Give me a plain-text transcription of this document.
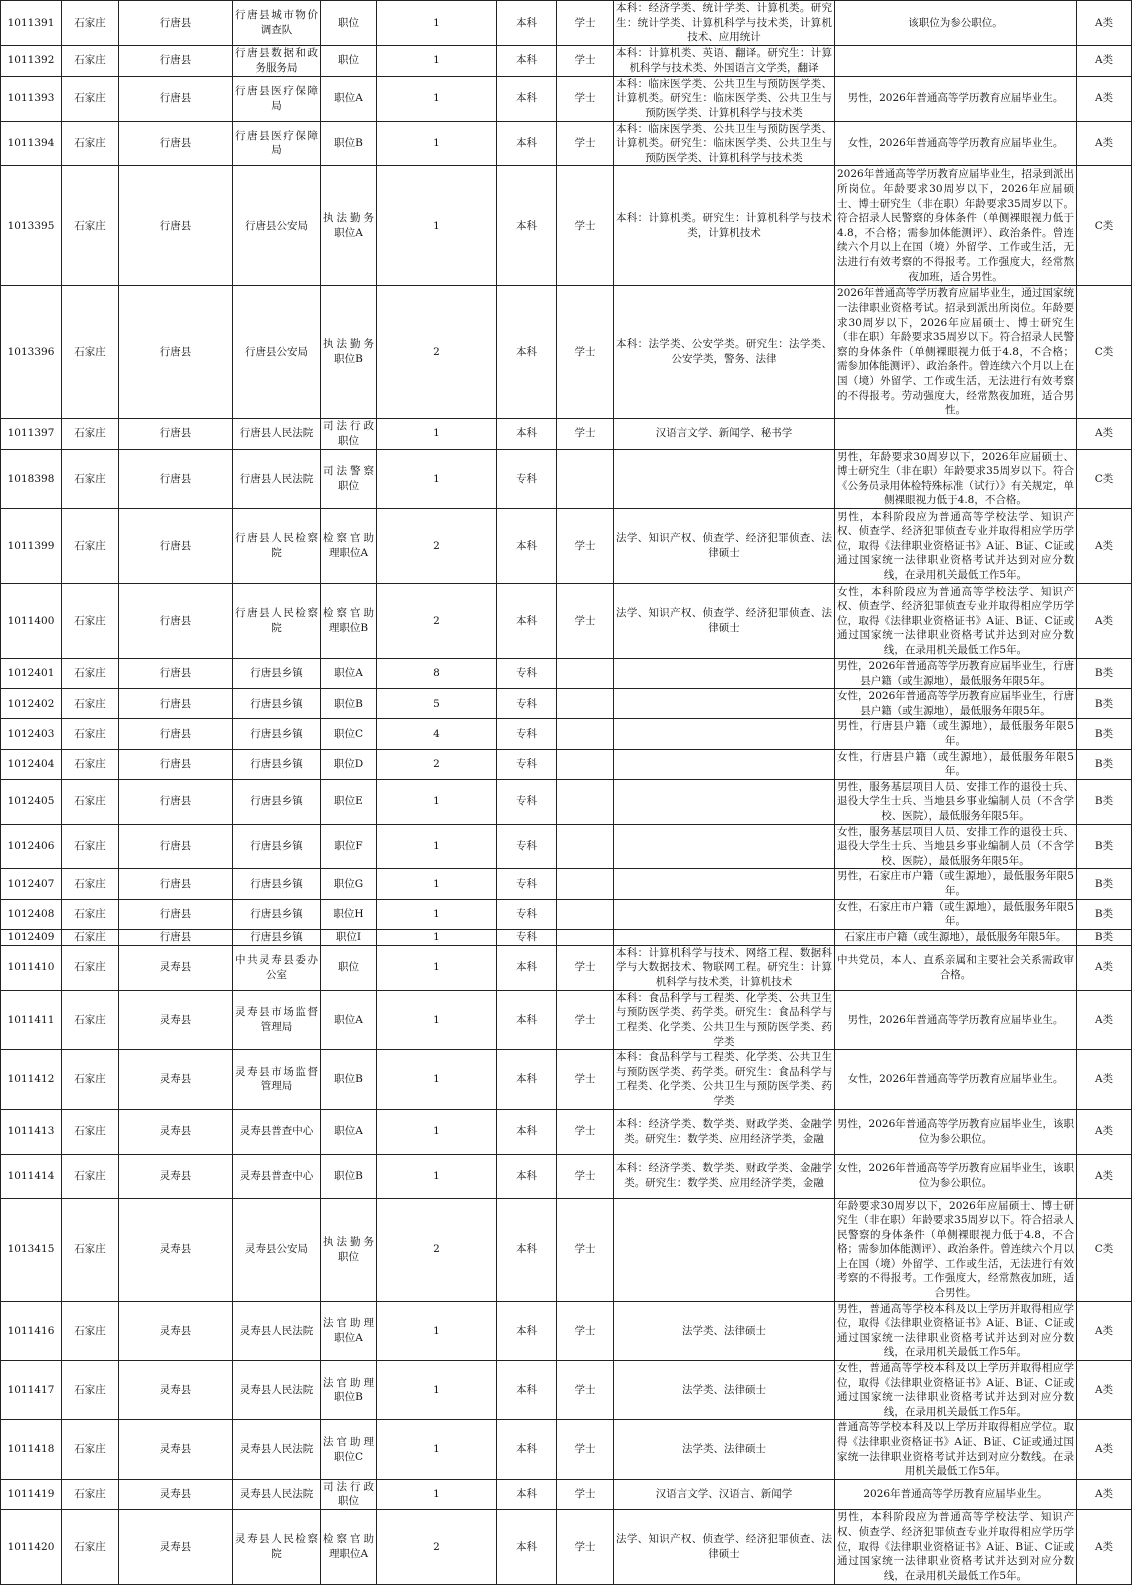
1011391	石家庄	行唐县	行唐县城市物价调查队	职位	1	本科	学士	本科：经济学类、统计学类、计算机类。研究生：统计学类、计算机科学与技术类，计算机技术、应用统计	该职位为参公职位。	A类
1011392	石家庄	行唐县	行唐县数据和政务服务局	职位	1	本科	学士	本科：计算机类、英语、翻译。研究生：计算机科学与技术类、外国语言文学类，翻译		A类
1011393	石家庄	行唐县	行唐县医疗保障局	职位A	1	本科	学士	本科：临床医学类、公共卫生与预防医学类、计算机类。研究生：临床医学类、公共卫生与预防医学类、计算机科学与技术类	男性，2026年普通高等学历教育应届毕业生。	A类
1011394	石家庄	行唐县	行唐县医疗保障局	职位B	1	本科	学士	本科：临床医学类、公共卫生与预防医学类、计算机类。研究生：临床医学类、公共卫生与预防医学类、计算机科学与技术类	女性，2026年普通高等学历教育应届毕业生。	A类
1013395	石家庄	行唐县	行唐县公安局	执法勤务职位A	1	本科	学士	本科：计算机类。研究生：计算机科学与技术类，计算机技术	2026年普通高等学历教育应届毕业生，招录到派出所岗位。年龄要求30周岁以下，2026年应届硕士、博士研究生（非在职）年龄要求35周岁以下。符合招录人民警察的身体条件（单侧裸眼视力低于4.8，不合格；需参加体能测评）、政治条件。曾连续六个月以上在国（境）外留学、工作或生活，无法进行有效考察的不得报考。工作强度大，经常熬夜加班，适合男性。	C类
1013396	石家庄	行唐县	行唐县公安局	执法勤务职位B	2	本科	学士	本科：法学类、公安学类。研究生：法学类、公安学类，警务、法律	2026年普通高等学历教育应届毕业生，通过国家统一法律职业资格考试。招录到派出所岗位。年龄要求30周岁以下，2026年应届硕士、博士研究生（非在职）年龄要求35周岁以下。符合招录人民警察的身体条件（单侧裸眼视力低于4.8，不合格；需参加体能测评）、政治条件。曾连续六个月以上在国（境）外留学、工作或生活，无法进行有效考察的不得报考。劳动强度大，经常熬夜加班，适合男性。	C类
1011397	石家庄	行唐县	行唐县人民法院	司法行政职位	1	本科	学士	汉语言文学、新闻学、秘书学		A类
1018398	石家庄	行唐县	行唐县人民法院	司法警察职位	1	专科			男性，年龄要求30周岁以下，2026年应届硕士、博士研究生（非在职）年龄要求35周岁以下。符合《公务员录用体检特殊标准（试行）》有关规定，单侧裸眼视力低于4.8，不合格。	C类
1011399	石家庄	行唐县	行唐县人民检察院	检察官助理职位A	2	本科	学士	法学、知识产权、侦查学、经济犯罪侦查、法律硕士	男性，本科阶段应为普通高等学校法学、知识产权、侦查学、经济犯罪侦查专业并取得相应学历学位，取得《法律职业资格证书》A证、B证、C证或通过国家统一法律职业资格考试并达到对应分数线，在录用机关最低工作5年。	A类
1011400	石家庄	行唐县	行唐县人民检察院	检察官助理职位B	2	本科	学士	法学、知识产权、侦查学、经济犯罪侦查、法律硕士	女性，本科阶段应为普通高等学校法学、知识产权、侦查学、经济犯罪侦查专业并取得相应学历学位，取得《法律职业资格证书》A证、B证、C证或通过国家统一法律职业资格考试并达到对应分数线，在录用机关最低工作5年。	A类
1012401	石家庄	行唐县	行唐县乡镇	职位A	8	专科			男性，2026年普通高等学历教育应届毕业生，行唐县户籍（或生源地），最低服务年限5年。	B类
1012402	石家庄	行唐县	行唐县乡镇	职位B	5	专科			女性，2026年普通高等学历教育应届毕业生，行唐县户籍（或生源地），最低服务年限5年。	B类
1012403	石家庄	行唐县	行唐县乡镇	职位C	4	专科			男性，行唐县户籍（或生源地），最低服务年限5年。	B类
1012404	石家庄	行唐县	行唐县乡镇	职位D	2	专科			女性，行唐县户籍（或生源地），最低服务年限5年。	B类
1012405	石家庄	行唐县	行唐县乡镇	职位E	1	专科			男性，服务基层项目人员、安排工作的退役士兵、退役大学生士兵、当地县乡事业编制人员（不含学校、医院），最低服务年限5年。	B类
1012406	石家庄	行唐县	行唐县乡镇	职位F	1	专科			女性，服务基层项目人员、安排工作的退役士兵、退役大学生士兵、当地县乡事业编制人员（不含学校、医院），最低服务年限5年。	B类
1012407	石家庄	行唐县	行唐县乡镇	职位G	1	专科			男性，石家庄市户籍（或生源地），最低服务年限5年。	B类
1012408	石家庄	行唐县	行唐县乡镇	职位H	1	专科			女性，石家庄市户籍（或生源地），最低服务年限5年。	B类
1012409	石家庄	行唐县	行唐县乡镇	职位I	1	专科			石家庄市户籍（或生源地），最低服务年限5年。	B类
1011410	石家庄	灵寿县	中共灵寿县委办公室	职位	1	本科	学士	本科：计算机科学与技术、网络工程、数据科学与大数据技术、物联网工程。研究生：计算机科学与技术类，计算机技术	中共党员，本人、直系亲属和主要社会关系需政审合格。	A类
1011411	石家庄	灵寿县	灵寿县市场监督管理局	职位A	1	本科	学士	本科：食品科学与工程类、化学类、公共卫生与预防医学类、药学类。研究生：食品科学与工程类、化学类、公共卫生与预防医学类、药学类	男性，2026年普通高等学历教育应届毕业生。	A类
1011412	石家庄	灵寿县	灵寿县市场监督管理局	职位B	1	本科	学士	本科：食品科学与工程类、化学类、公共卫生与预防医学类、药学类。研究生：食品科学与工程类、化学类、公共卫生与预防医学类、药学类	女性，2026年普通高等学历教育应届毕业生。	A类
1011413	石家庄	灵寿县	灵寿县普查中心	职位A	1	本科	学士	本科：经济学类、数学类、财政学类、金融学类。研究生：数学类、应用经济学类，金融	男性，2026年普通高等学历教育应届毕业生，该职位为参公职位。	A类
1011414	石家庄	灵寿县	灵寿县普查中心	职位B	1	本科	学士	本科：经济学类、数学类、财政学类、金融学类。研究生：数学类、应用经济学类，金融	女性，2026年普通高等学历教育应届毕业生，该职位为参公职位。	A类
1013415	石家庄	灵寿县	灵寿县公安局	执法勤务职位	2	本科	学士		年龄要求30周岁以下，2026年应届硕士、博士研究生（非在职）年龄要求35周岁以下。符合招录人民警察的身体条件（单侧裸眼视力低于4.8，不合格；需参加体能测评）、政治条件。曾连续六个月以上在国（境）外留学、工作或生活，无法进行有效考察的不得报考。工作强度大，经常熬夜加班，适合男性。	C类
1011416	石家庄	灵寿县	灵寿县人民法院	法官助理职位A	1	本科	学士	法学类、法律硕士	男性，普通高等学校本科及以上学历并取得相应学位，取得《法律职业资格证书》A证、B证、C证或通过国家统一法律职业资格考试并达到对应分数线，在录用机关最低工作5年。	A类
1011417	石家庄	灵寿县	灵寿县人民法院	法官助理职位B	1	本科	学士	法学类、法律硕士	女性，普通高等学校本科及以上学历并取得相应学位，取得《法律职业资格证书》A证、B证、C证或通过国家统一法律职业资格考试并达到对应分数线，在录用机关最低工作5年。	A类
1011418	石家庄	灵寿县	灵寿县人民法院	法官助理职位C	1	本科	学士	法学类、法律硕士	普通高等学校本科及以上学历并取得相应学位。取得《法律职业资格证书》A证、B证、C证或通过国家统一法律职业资格考试并达到对应分数线。在录用机关最低工作5年。	A类
1011419	石家庄	灵寿县	灵寿县人民法院	司法行政职位	1	本科	学士	汉语言文学、汉语言、新闻学	2026年普通高等学历教育应届毕业生。	A类
1011420	石家庄	灵寿县	灵寿县人民检察院	检察官助理职位A	2	本科	学士	法学、知识产权、侦查学、经济犯罪侦查、法律硕士	男性，本科阶段应为普通高等学校法学、知识产权、侦查学、经济犯罪侦查专业并取得相应学历学位，取得《法律职业资格证书》A证、B证、C证或通过国家统一法律职业资格考试并达到对应分数线，在录用机关最低工作5年。	A类
